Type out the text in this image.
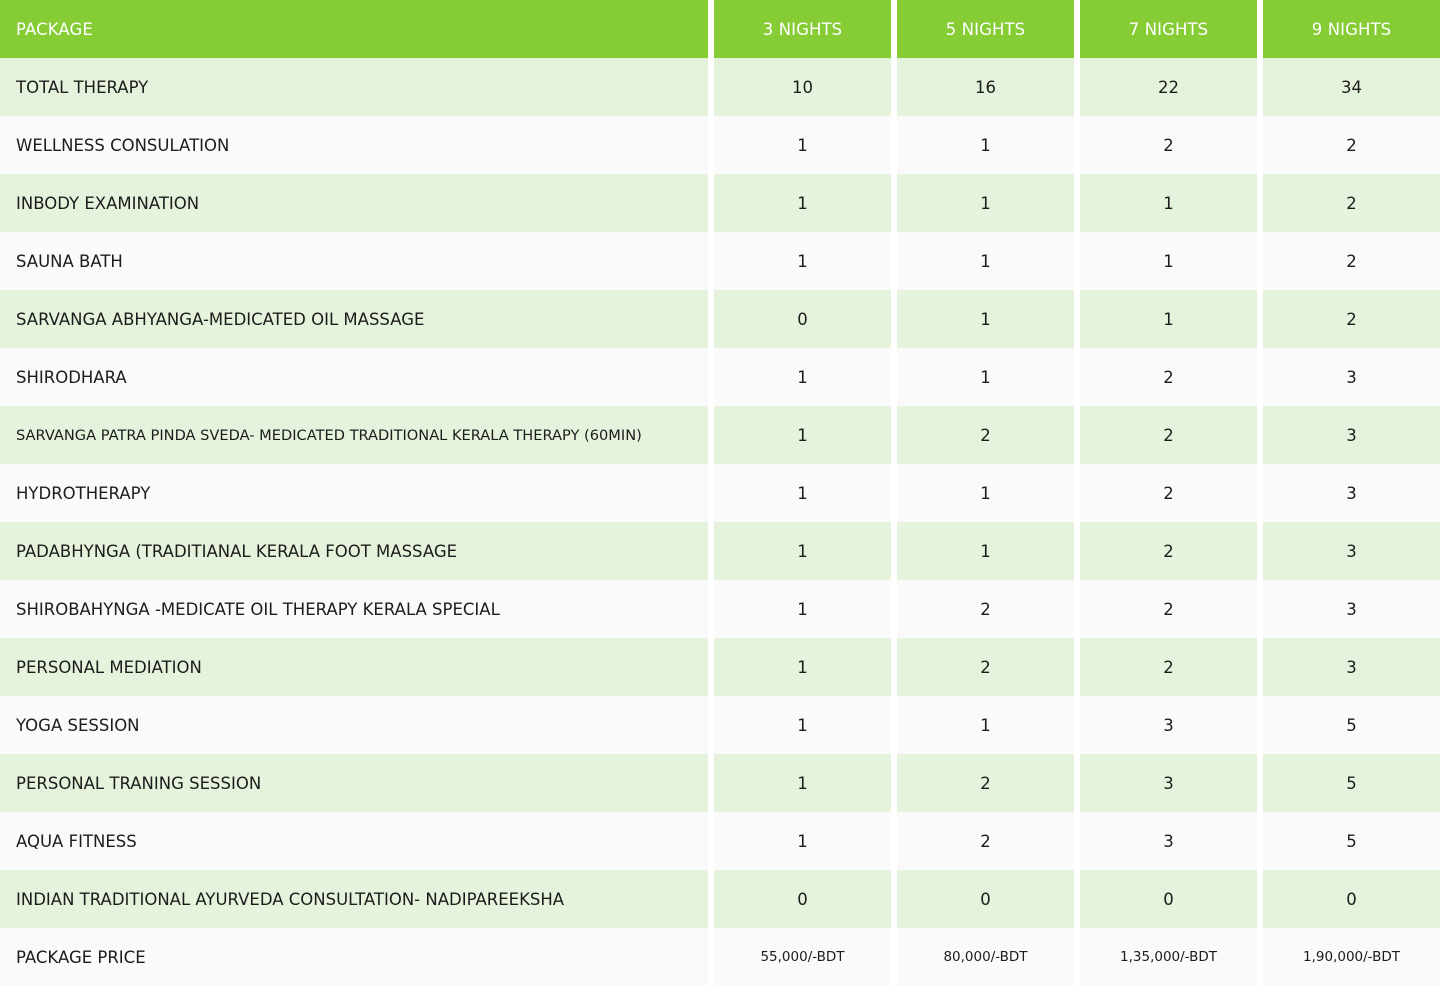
PACKAGE	3 NIGHTS	5 NIGHTS	7 NIGHTS	9 NIGHTS
TOTAL THERAPY	10	16	22	34
WELLNESS CONSULATION	1	1	2	2
INBODY EXAMINATION	1	1	1	2
SAUNA BATH	1	1	1	2
SARVANGA ABHYANGA-MEDICATED OIL MASSAGE	0	1	1	2
SHIRODHARA	1	1	2	3
SARVANGA PATRA PINDA SVEDA- MEDICATED TRADITIONAL KERALA THERAPY (60MIN)	1	2	2	3
HYDROTHERAPY	1	1	2	3
PADABHYNGA (TRADITIANAL KERALA FOOT MASSAGE	1	1	2	3
SHIROBAHYNGA -MEDICATE OIL THERAPY KERALA SPECIAL	1	2	2	3
PERSONAL MEDIATION	1	2	2	3
YOGA SESSION	1	1	3	5
PERSONAL TRANING SESSION	1	2	3	5
AQUA FITNESS	1	2	3	5
INDIAN TRADITIONAL AYURVEDA CONSULTATION- NADIPAREEKSHA	0	0	0	0
PACKAGE PRICE	55,000/-BDT	80,000/-BDT	1,35,000/-BDT	1,90,000/-BDT
